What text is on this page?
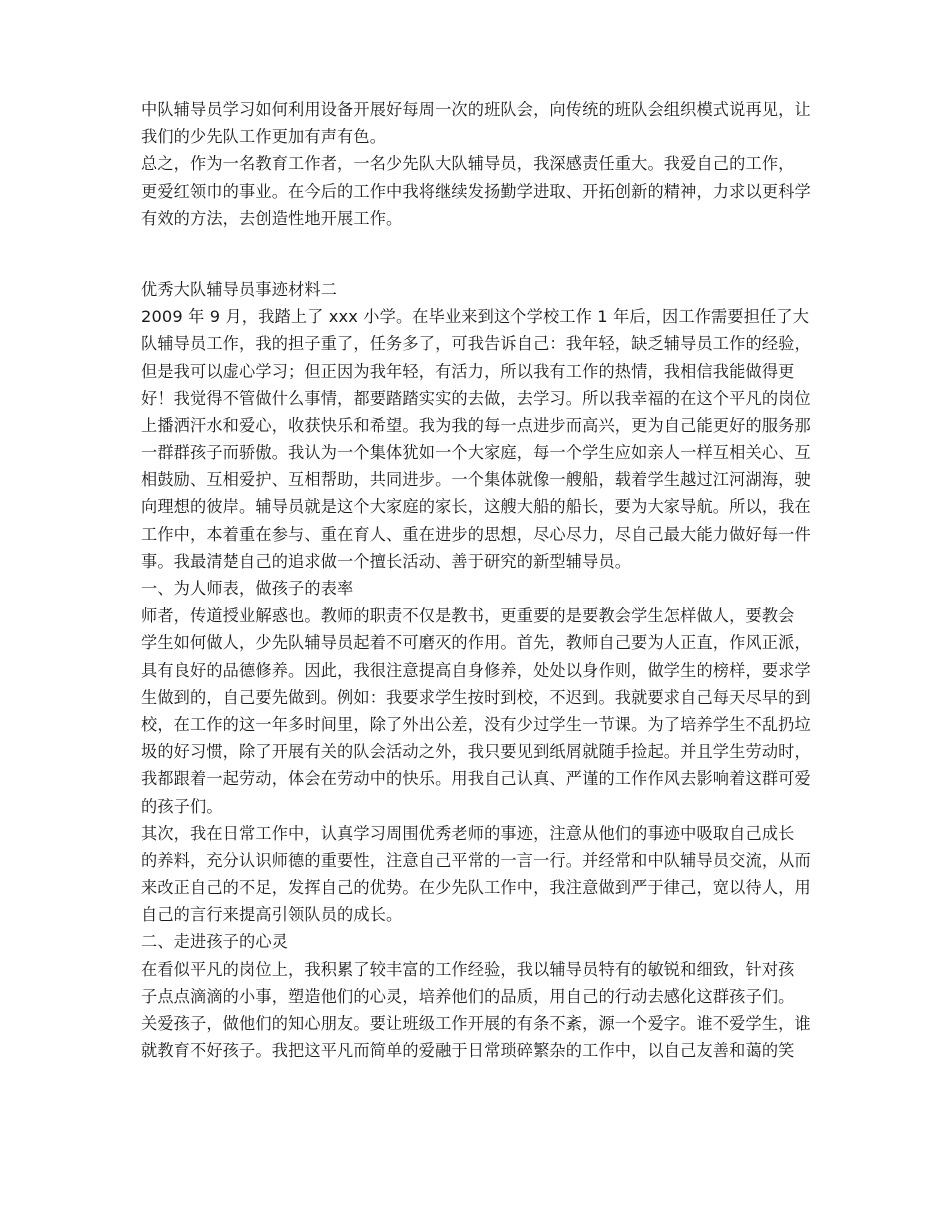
中队辅导员学习如何利用设备开展好每周一次的班队会，向传统的班队会组织模式说再见，让
我们的少先队工作更加有声有色。
总之，作为一名教育工作者，一名少先队大队辅导员，我深感责任重大。我爱自己的工作，
更爱红领巾的事业。在今后的工作中我将继续发扬勤学进取、开拓创新的精神，力求以更科学
有效的方法，去创造性地开展工作。
优秀大队辅导员事迹材料二
2009 年 9 月，我踏上了 xxx 小学。在毕业来到这个学校工作 1 年后，因工作需要担任了大
队辅导员工作，我的担子重了，任务多了，可我告诉自己：我年轻，缺乏辅导员工作的经验，
但是我可以虚心学习；但正因为我年轻，有活力，所以我有工作的热情，我相信我能做得更
好！我觉得不管做什么事情，都要踏踏实实的去做，去学习。所以我幸福的在这个平凡的岗位
上播洒汗水和爱心，收获快乐和希望。我为我的每一点进步而高兴，更为自己能更好的服务那
一群群孩子而骄傲。我认为一个集体犹如一个大家庭，每一个学生应如亲人一样互相关心、互
相鼓励、互相爱护、互相帮助，共同进步。一个集体就像一艘船，载着学生越过江河湖海，驶
向理想的彼岸。辅导员就是这个大家庭的家长，这艘大船的船长，要为大家导航。所以，我在
工作中，本着重在参与、重在育人、重在进步的思想，尽心尽力，尽自己最大能力做好每一件
事。我最清楚自己的追求做一个擅长活动、善于研究的新型辅导员。
一、为人师表，做孩子的表率
师者，传道授业解惑也。教师的职责不仅是教书，更重要的是要教会学生怎样做人，要教会
学生如何做人，少先队辅导员起着不可磨灭的作用。首先，教师自己要为人正直，作风正派，
具有良好的品德修养。因此，我很注意提高自身修养，处处以身作则，做学生的榜样，要求学
生做到的，自己要先做到。例如：我要求学生按时到校，不迟到。我就要求自己每天尽早的到
校，在工作的这一年多时间里，除了外出公差，没有少过学生一节课。为了培养学生不乱扔垃
圾的好习惯，除了开展有关的队会活动之外，我只要见到纸屑就随手捡起。并且学生劳动时，
我都跟着一起劳动，体会在劳动中的快乐。用我自己认真、严谨的工作作风去影响着这群可爱
的孩子们。
其次，我在日常工作中，认真学习周围优秀老师的事迹，注意从他们的事迹中吸取自己成长
的养料，充分认识师德的重要性，注意自己平常的一言一行。并经常和中队辅导员交流，从而
来改正自己的不足，发挥自己的优势。在少先队工作中，我注意做到严于律己，宽以待人，用
自己的言行来提高引领队员的成长。
二、走进孩子的心灵
在看似平凡的岗位上，我积累了较丰富的工作经验，我以辅导员特有的敏锐和细致，针对孩
子点点滴滴的小事，塑造他们的心灵，培养他们的品质，用自己的行动去感化这群孩子们。
关爱孩子，做他们的知心朋友。要让班级工作开展的有条不紊，源一个爱字。谁不爱学生，谁
就教育不好孩子。我把这平凡而简单的爱融于日常琐碎繁杂的工作中，以自己友善和蔼的笑
